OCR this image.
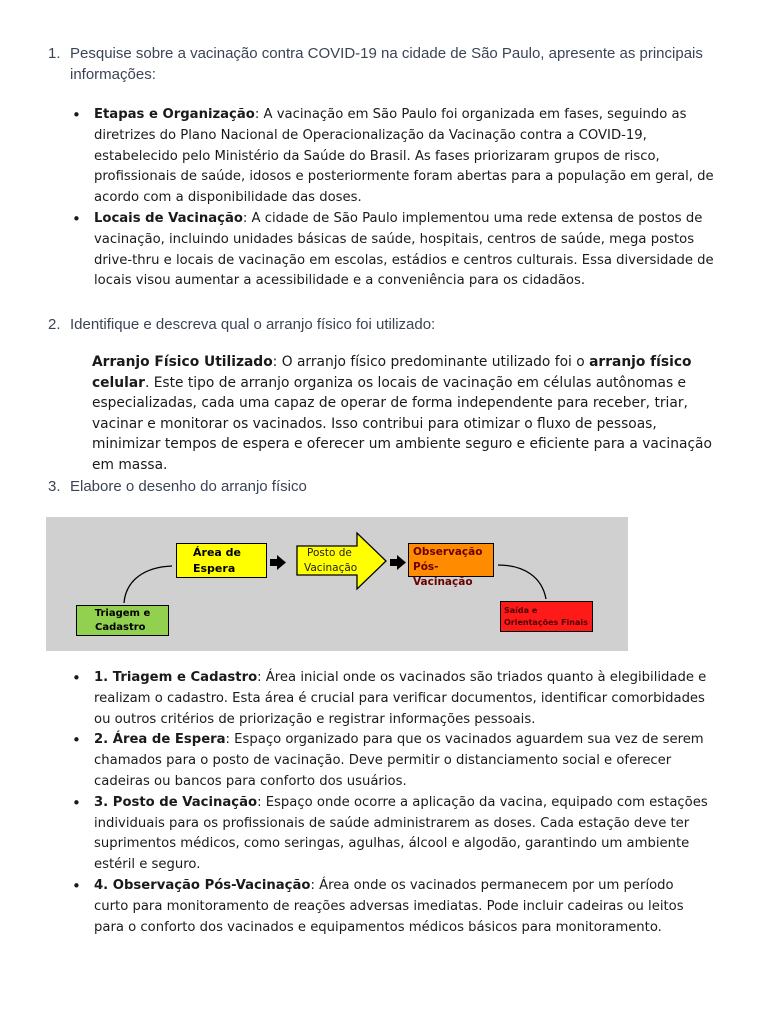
1. Pesquise sobre a vacinação contra COVID-19 na cidade de São Paulo, apresente as principais informações:
• Etapas e Organização: A vacinação em São Paulo foi organizada em fases, seguindo as diretrizes do Plano Nacional de Operacionalização da Vacinação contra a COVID-19, estabelecido pelo Ministério da Saúde do Brasil. As fases priorizaram grupos de risco, profissionais de saúde, idosos e posteriormente foram abertas para a população em geral, de acordo com a disponibilidade das doses.
• Locais de Vacinação: A cidade de São Paulo implementou uma rede extensa de postos de vacinação, incluindo unidades básicas de saúde, hospitais, centros de saúde, mega postos drive-thru e locais de vacinação em escolas, estádios e centros culturais. Essa diversidade de locais visou aumentar a acessibilidade e a conveniência para os cidadãos.
2. Identifique e descreva qual o arranjo físico foi utilizado:
Arranjo Físico Utilizado: O arranjo físico predominante utilizado foi o arranjo físico celular. Este tipo de arranjo organiza os locais de vacinação em células autônomas e especializadas, cada uma capaz de operar de forma independente para receber, triar, vacinar e monitorar os vacinados. Isso contribui para otimizar o fluxo de pessoas, minimizar tempos de espera e oferecer um ambiente seguro e eficiente para a vacinação em massa.
3. Elabore o desenho do arranjo físico
Triagem e
Cadastro
Área de
Espera
Posto de
Vacinação
Observação
Pós-Vacinação
Saída e
Orientações Finais
• 1. Triagem e Cadastro: Área inicial onde os vacinados são triados quanto à elegibilidade e realizam o cadastro. Esta área é crucial para verificar documentos, identificar comorbidades ou outros critérios de priorização e registrar informações pessoais.
• 2. Área de Espera: Espaço organizado para que os vacinados aguardem sua vez de serem chamados para o posto de vacinação. Deve permitir o distanciamento social e oferecer cadeiras ou bancos para conforto dos usuários.
• 3. Posto de Vacinação: Espaço onde ocorre a aplicação da vacina, equipado com estações individuais para os profissionais de saúde administrarem as doses. Cada estação deve ter suprimentos médicos, como seringas, agulhas, álcool e algodão, garantindo um ambiente estéril e seguro.
• 4. Observação Pós-Vacinação: Área onde os vacinados permanecem por um período curto para monitoramento de reações adversas imediatas. Pode incluir cadeiras ou leitos para o conforto dos vacinados e equipamentos médicos básicos para monitoramento.
